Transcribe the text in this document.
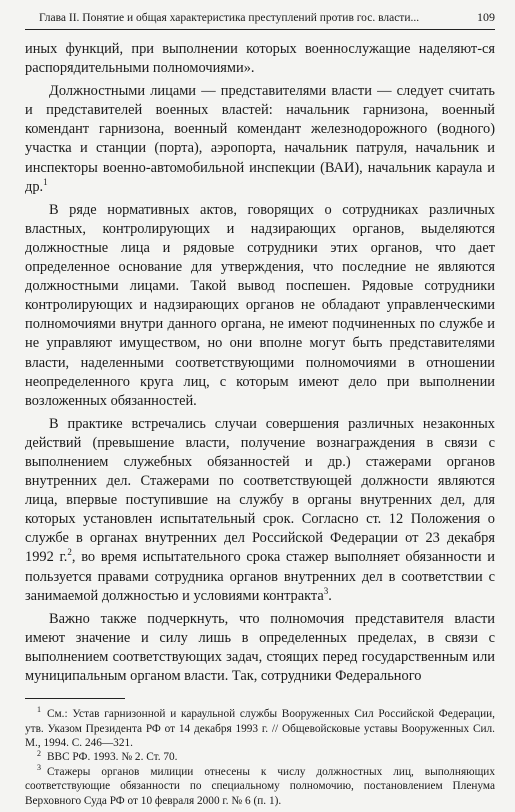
Глава II. Понятие и общая характеристика преступлений против гос. власти...	109

иных функций, при выполнении которых военнослужащие наделяют-ся распорядительными полномочиями».

Должностными лицами — представителями власти — следует считать и представителей военных властей: начальник гарнизона, военный комендант гарнизона, военный комендант железнодорожного (водного) участка и станции (порта), аэропорта, начальник патруля, начальник и инспекторы военно-автомобильной инспекции (ВАИ), начальник караула и др.$^1$

В ряде нормативных актов, говорящих о сотрудниках различных властных, контролирующих и надзирающих органов, выделяются должностные лица и рядовые сотрудники этих органов, что дает определенное основание для утверждения, что последние не являются должностными лицами. Такой вывод поспешен. Рядовые сотрудники контролирующих и надзирающих органов не обладают управленческими полномочиями внутри данного органа, не имеют подчиненных по службе и не управляют имуществом, но они вполне могут быть представителями власти, наделенными соответствующими полномочиями в отношении неопределенного круга лиц, с которым имеют дело при выполнении возложенных обязанностей.

В практике встречались случаи совершения различных незаконных действий (превышение власти, получение вознаграждения в связи с выполнением служебных обязанностей и др.) стажерами органов внутренних дел. Стажерами по соответствующей должности являются лица, впервые поступившие на службу в органы внутренних дел, для которых установлен испытательный срок. Согласно ст. 12 Положения о службе в органах внутренних дел Российской Федерации от 23 декабря 1992 г.$^2$, во время испытательного срока стажер выполняет обязанности и пользуется правами сотрудника органов внутренних дел в соответствии с занимаемой должностью и условиями контракта$^3$.

Важно также подчеркнуть, что полномочия представителя власти имеют значение и силу лишь в определенных пределах, в связи с выполнением соответствующих задач, стоящих перед государственным или муниципальным органом власти. Так, сотрудники Федерального

$^1$ См.: Устав гарнизонной и караульной службы Вооруженных Сил Российской Федерации, утв. Указом Президента РФ от 14 декабря 1993 г. // Общевойсковые уставы Вооруженных Сил. М., 1994. С. 246—321.

$^2$ ВВС РФ. 1993. № 2. Ст. 70.

$^3$ Стажеры органов милиции отнесены к числу должностных лиц, выполняющих соответствующие обязанности по специальному полномочию, постановлением Пленума Верховного Суда РФ от 10 февраля 2000 г. № 6 (п. 1).
